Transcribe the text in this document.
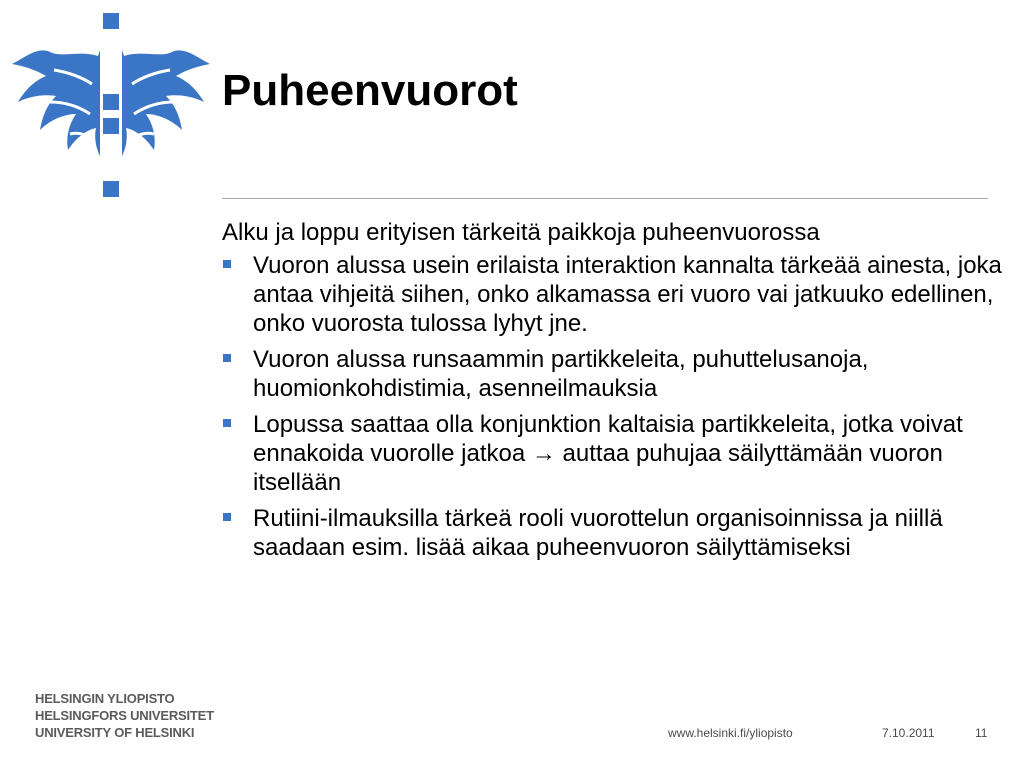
Puheenvuorot

Alku ja loppu erityisen tärkeitä paikkoja puheenvuorossa

Vuoron alussa usein erilaista interaktion kannalta tärkeää ainesta, joka antaa vihjeitä siihen, onko alkamassa eri vuoro vai jatkuuko edellinen, onko vuorosta tulossa lyhyt jne.
Vuoron alussa runsaammin partikkeleita, puhuttelusanoja, huomionkohdistimia, asenneilmauksia
Lopussa saattaa olla konjunktion kaltaisia partikkeleita, jotka voivat ennakoida vuorolle jatkoa → auttaa puhujaa säilyttämään vuoron itsellään
Rutiini-ilmauksilla tärkeä rooli vuorottelun organisoinnissa ja niillä saadaan esim. lisää aikaa puheenvuoron säilyttämiseksi
HELSINGIN YLIOPISTO
HELSINGFORS UNIVERSITET
UNIVERSITY OF HELSINKI	www.helsinki.fi/yliopisto	7.10.2011	11
